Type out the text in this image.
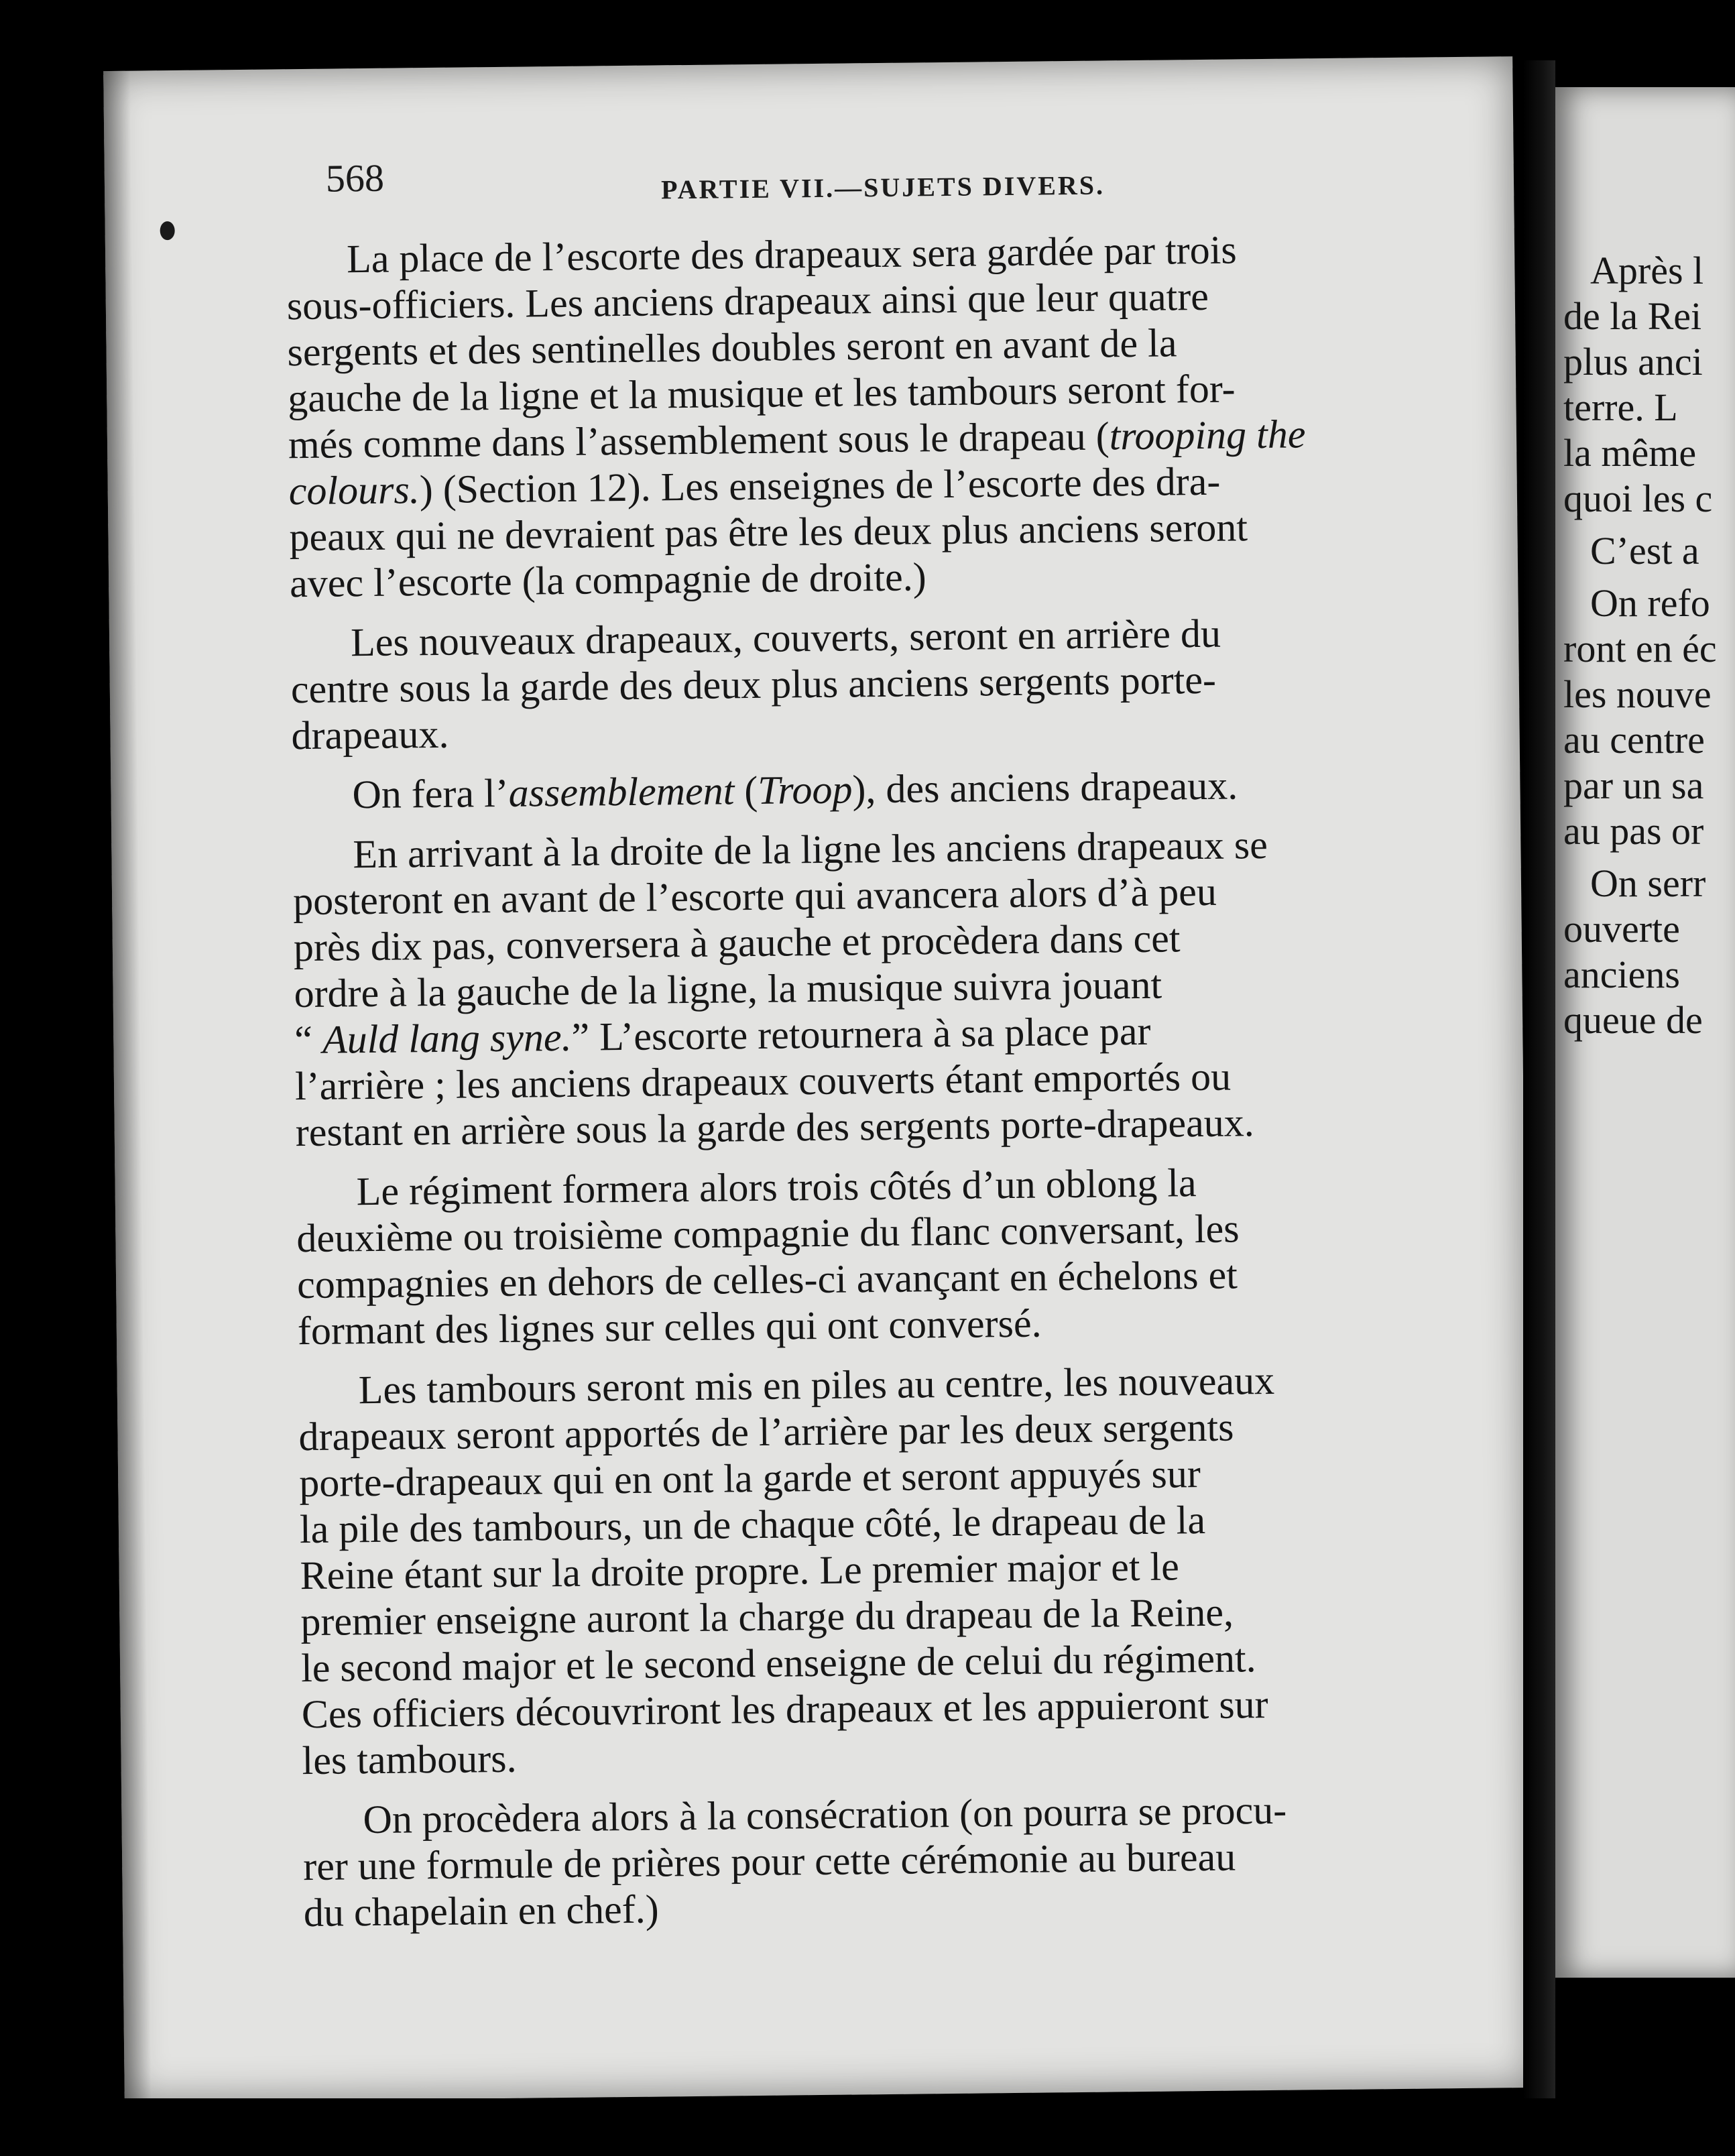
568	PARTIE VII.—SUJETS DIVERS.
La place de l’escorte des drapeaux sera gardée par trois
sous-officiers. Les anciens drapeaux ainsi que leur quatre
sergents et des sentinelles doubles seront en avant de la
gauche de la ligne et la musique et les tambours seront for-
més comme dans l’assemblement sous le drapeau (trooping the
colours.) (Section 12). Les enseignes de l’escorte des dra-
peaux qui ne devraient pas être les deux plus anciens seront
avec l’escorte (la compagnie de droite.)
Les nouveaux drapeaux, couverts, seront en arrière du
centre sous la garde des deux plus anciens sergents porte-
drapeaux.
On fera l’assemblement (Troop), des anciens drapeaux.
En arrivant à la droite de la ligne les anciens drapeaux se
posteront en avant de l’escorte qui avancera alors d’à peu
près dix pas, conversera à gauche et procèdera dans cet
ordre à la gauche de la ligne, la musique suivra jouant
“ Auld lang syne.” L’escorte retournera à sa place par
l’arrière ; les anciens drapeaux couverts étant emportés ou
restant en arrière sous la garde des sergents porte-drapeaux.
Le régiment formera alors trois côtés d’un oblong la
deuxième ou troisième compagnie du flanc conversant, les
compagnies en dehors de celles-ci avançant en échelons et
formant des lignes sur celles qui ont conversé.
Les tambours seront mis en piles au centre, les nouveaux
drapeaux seront apportés de l’arrière par les deux sergents
porte-drapeaux qui en ont la garde et seront appuyés sur
la pile des tambours, un de chaque côté, le drapeau de la
Reine étant sur la droite propre. Le premier major et le
premier enseigne auront la charge du drapeau de la Reine,
le second major et le second enseigne de celui du régiment.
Ces officiers découvriront les drapeaux et les appuieront sur
les tambours.
On procèdera alors à la consécration (on pourra se procu-
rer une formule de prières pour cette cérémonie au bureau
du chapelain en chef.)
Après l
de la Rei
plus anci
terre. L
la même
quoi les c
C’est a
On refo
ront en éc
les nouve
au centre
par un sa
au pas or
On serr
ouverte
anciens
queue de
